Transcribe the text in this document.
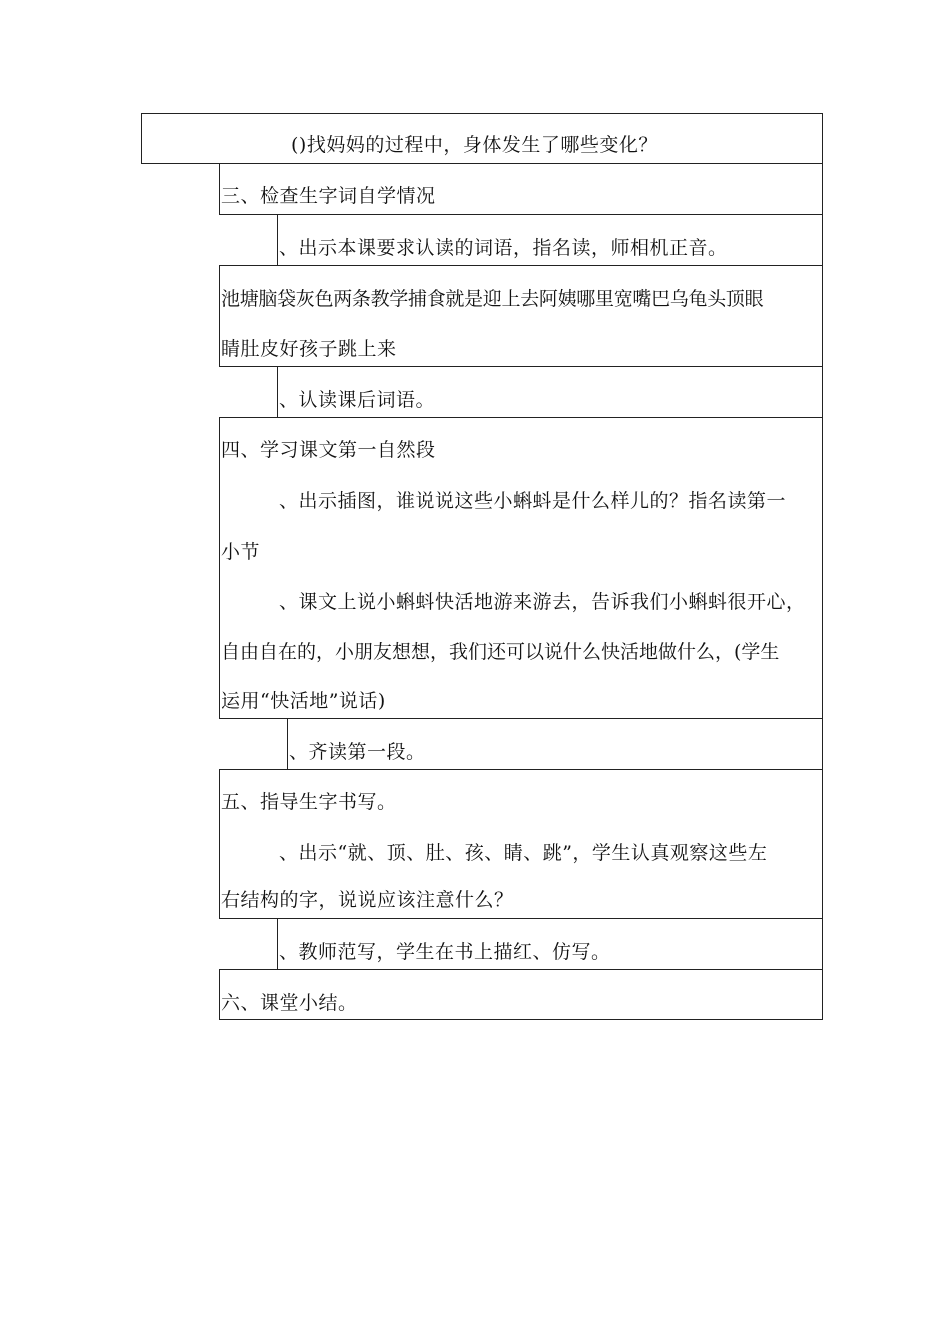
()找妈妈的过程中，身体发生了哪些变化？
三、检查生字词自学情况
、出示本课要求认读的词语，指名读，师相机正音。
池塘脑袋灰色两条教学捕食就是迎上去阿姨哪里宽嘴巴乌龟头顶眼
睛肚皮好孩子跳上来
、认读课后词语。
四、学习课文第一自然段
、出示插图，谁说说这些小蝌蚪是什么样儿的？指名读第一
小节
、课文上说小蝌蚪快活地游来游去，告诉我们小蝌蚪很开心，
自由自在的，小朋友想想，我们还可以说什么快活地做什么，(学生
运用“快活地”说话)
、齐读第一段。
五、指导生字书写。
、出示“就、顶、肚、孩、睛、跳”，学生认真观察这些左
右结构的字，说说应该注意什么？
、教师范写，学生在书上描红、仿写。
六、课堂小结。
